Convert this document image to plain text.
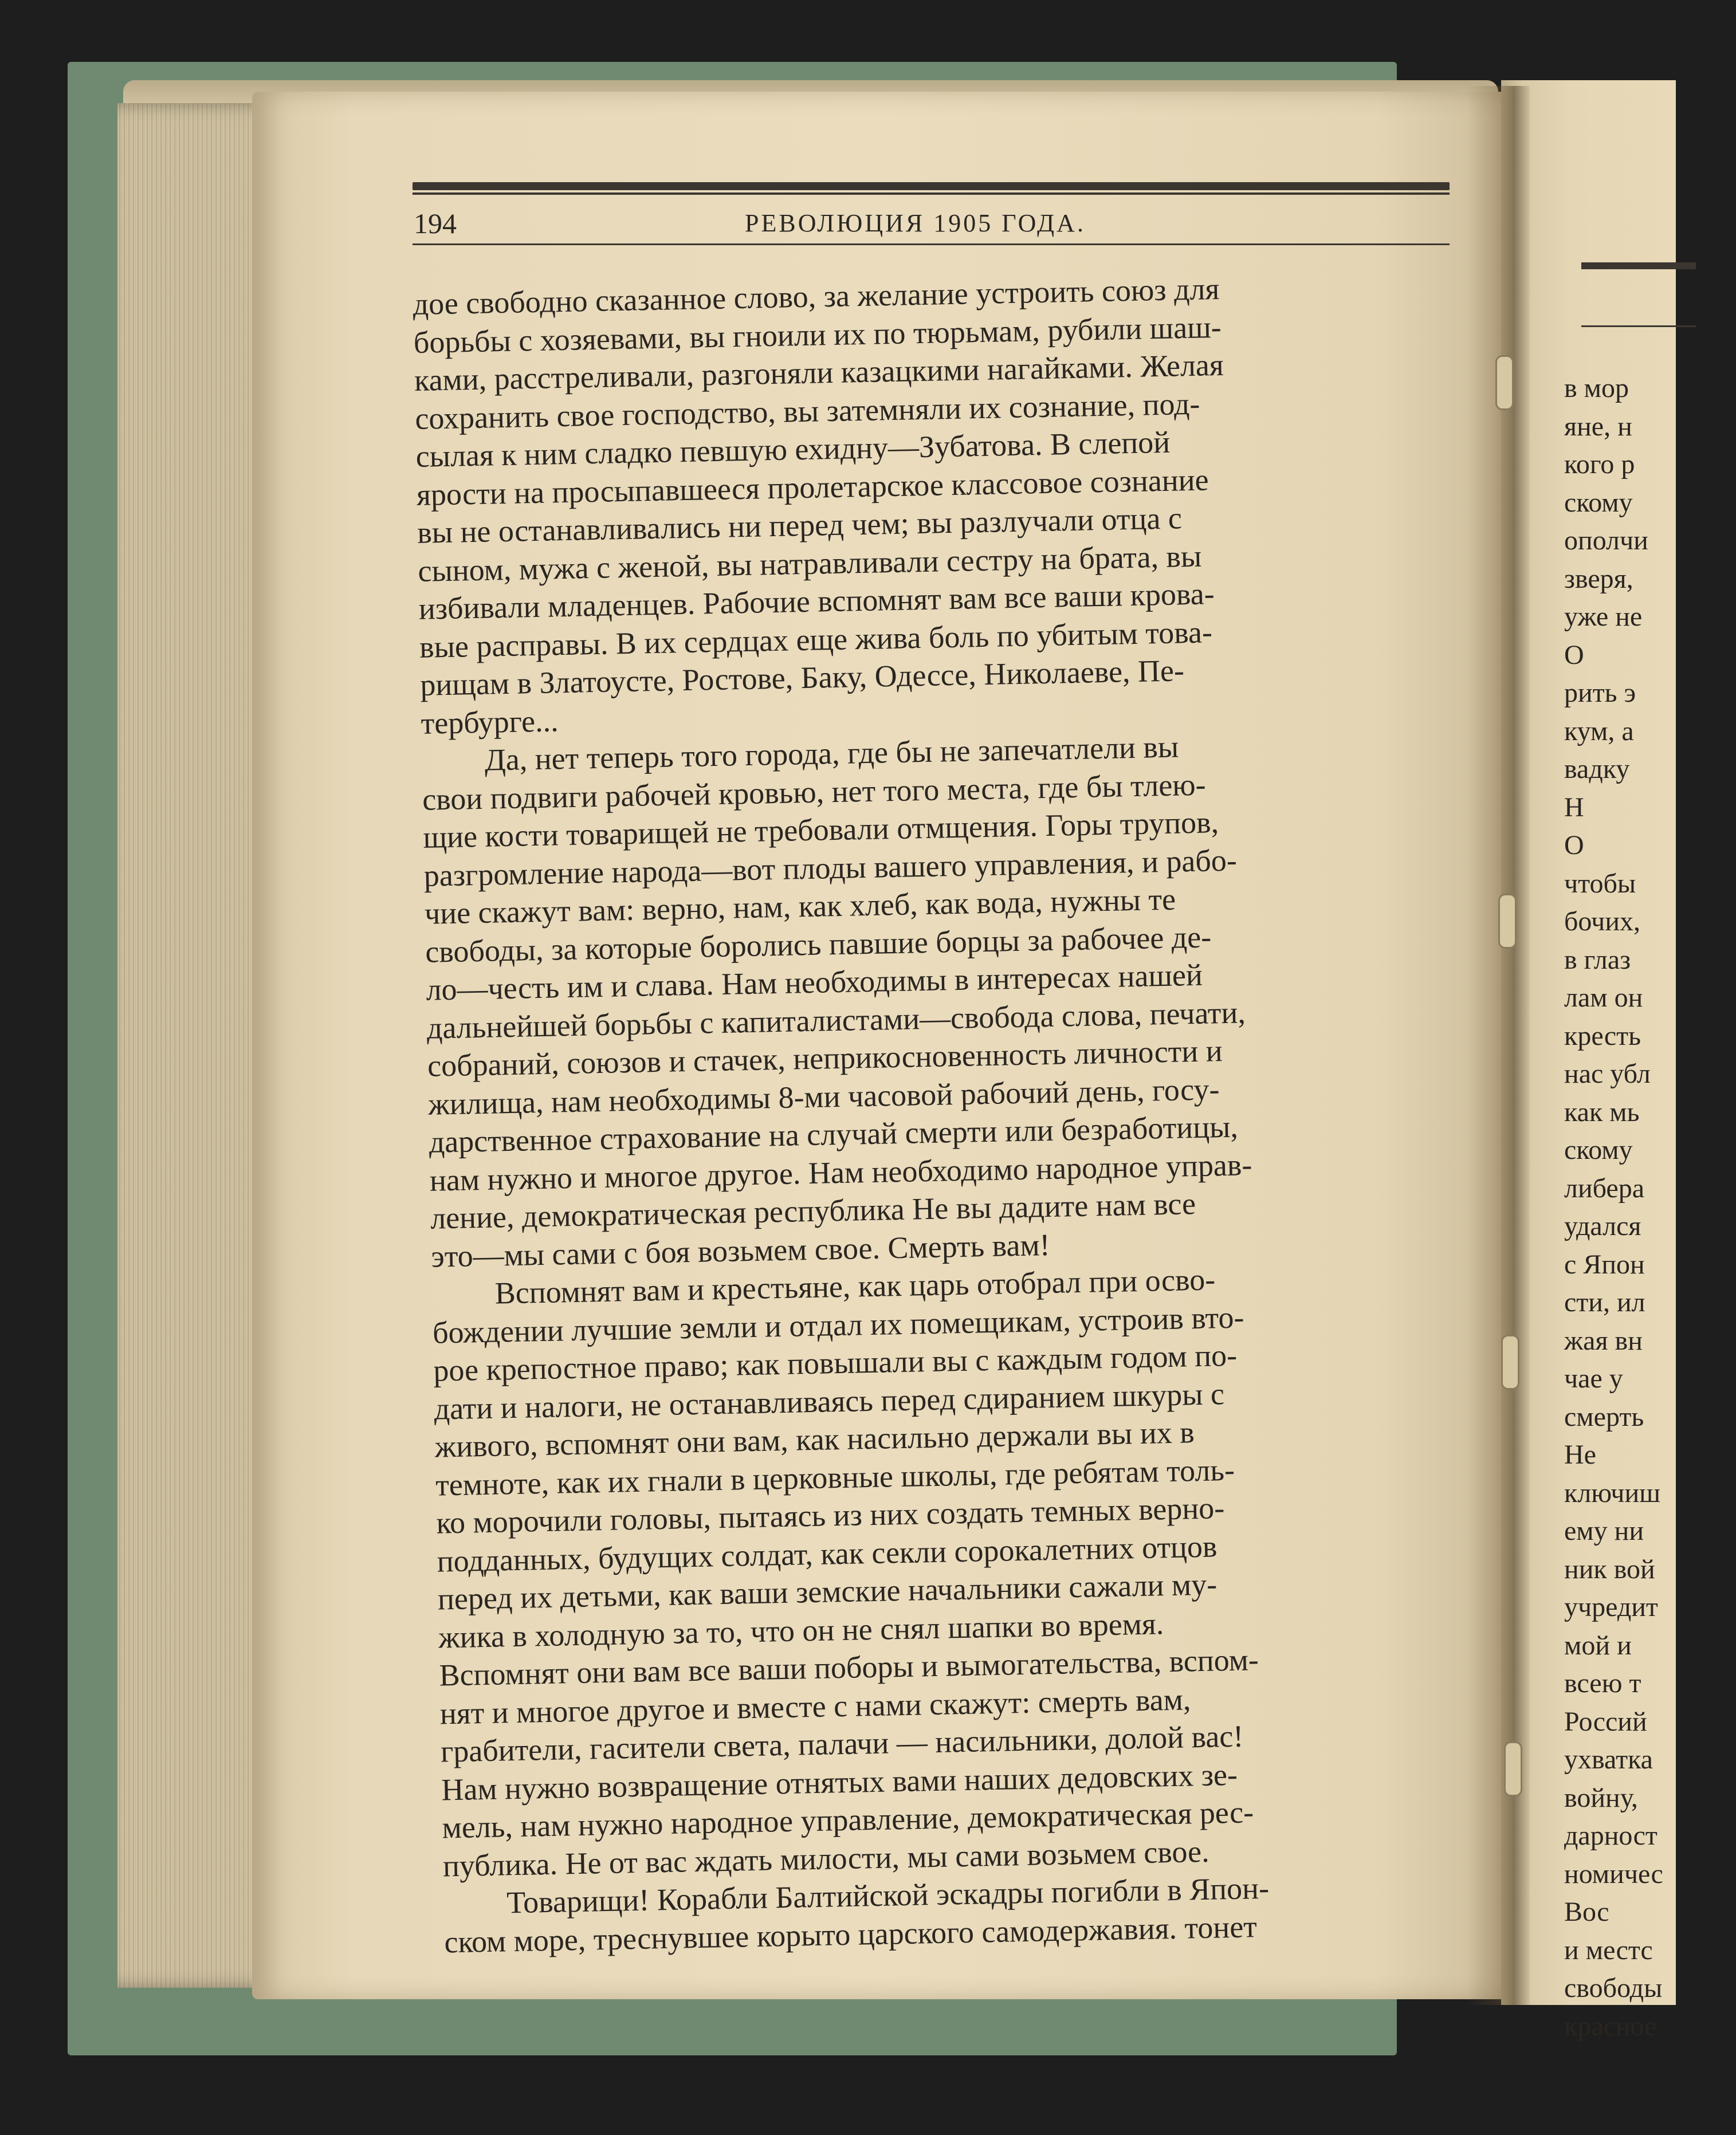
в мор
яне, н
кого р
скому
ополчи
зверя,
уже не
О
рить э
кум, а
вадку
Н
О
чтобы
бочих,
в глаз
лам он
кресть
нас убл
как мь
скому
либера
удался
с Япон
сти, ил
жая вн
чае у
смерть
Не
ключиш
ему ни
ник вой
учредит
мой и
всею т
Россий
ухватка
войну,
дарност
номичес
Вос
и местс
свободы
красное
194	РЕВОЛЮЦИЯ 1905 ГОДА.

дое свободно сказанное слово, за желание устроить союз для
борьбы с хозяевами, вы гноили их по тюрьмам, рубили шаш-
ками, расстреливали, разгоняли казацкими нагайками. Желая
сохранить свое господство, вы затемняли их сознание, под-
сылая к ним сладко певшую ехидну—Зубатова. В слепой
ярости на просыпавшееся пролетарское классовое сознание
вы не останавливались ни перед чем; вы разлучали отца с
сыном, мужа с женой, вы натравливали сестру на брата, вы
избивали младенцев. Рабочие вспомнят вам все ваши крова-
вые расправы. В их сердцах еще жива боль по убитым това-
рищам в Златоусте, Ростове, Баку, Одессе, Николаеве, Пе-
тербурге...

Да, нет теперь того города, где бы не запечатлели вы
свои подвиги рабочей кровью, нет того места, где бы тлею-
щие кости товарищей не требовали отмщения. Горы трупов,
разгромление народа—вот плоды вашего управления, и рабо-
чие скажут вам: верно, нам, как хлеб, как вода, нужны те
свободы, за которые боролись павшие борцы за рабочее де-
ло—честь им и слава. Нам необходимы в интересах нашей
дальнейшей борьбы с капиталистами—свобода слова, печати,
собраний, союзов и стачек, неприкосновенность личности и
жилища, нам необходимы 8-ми часовой рабочий день, госу-
дарственное страхование на случай смерти или безработицы,
нам нужно и многое другое. Нам необходимо народное управ-
ление, демократическая республика Не вы дадите нам все
это—мы сами с боя возьмем свое. Смерть вам!

Вспомнят вам и крестьяне, как царь отобрал при осво-
бождении лучшие земли и отдал их помещикам, устроив вто-
рое крепостное право; как повышали вы с каждым годом по-
дати и налоги, не останавливаясь перед сдиранием шкуры с
живого, вспомнят они вам, как насильно держали вы их в
темноте, как их гнали в церковные школы, где ребятам толь-
ко морочили головы, пытаясь из них создать темных верно-
подданных, будущих солдат, как секли сорокалетних отцов
перед их детьми, как ваши земские начальники сажали му-
жика в холодную за то, что он не снял шапки во время.
Вспомнят они вам все ваши поборы и вымогательства, вспом-
нят и многое другое и вместе с нами скажут: смерть вам,
грабители, гасители света, палачи — насильники, долой вас!
Нам нужно возвращение отнятых вами наших дедовских зе-
мель, нам нужно народное управление, демократическая рес-
публика. Не от вас ждать милости, мы сами возьмем свое.

Товарищи! Корабли Балтийской эскадры погибли в Япон-
ском море, треснувшее корыто царского самодержавия. тонет
